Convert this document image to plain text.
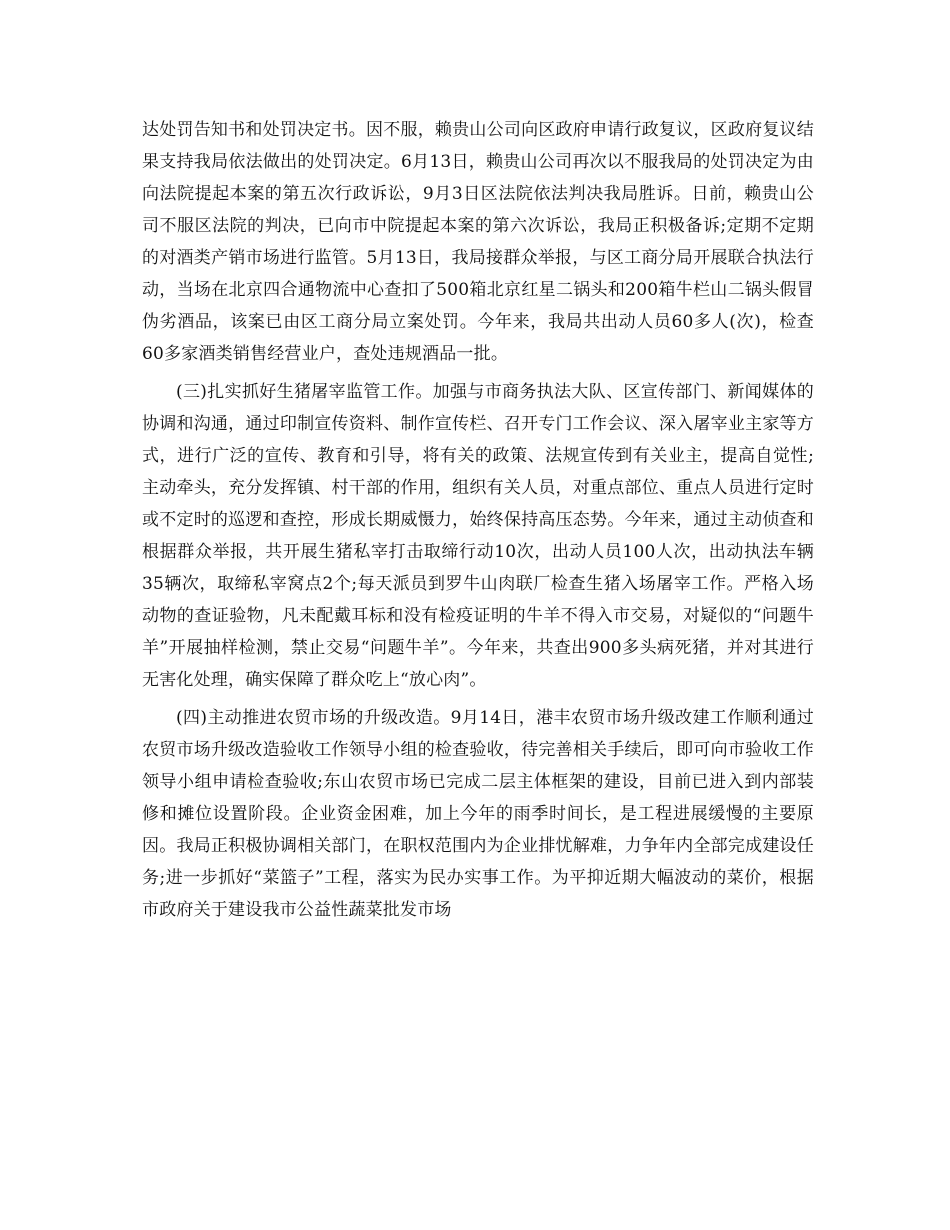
达处罚告知书和处罚决定书。因不服，赖贵山公司向区政府申请行政复议，区政府复议结果支持我局依法做出的处罚决定。6月13日，赖贵山公司再次以不服我局的处罚决定为由向法院提起本案的第五次行政诉讼，9月3日区法院依法判决我局胜诉。日前，赖贵山公司不服区法院的判决，已向市中院提起本案的第六次诉讼，我局正积极备诉;定期不定期的对酒类产销市场进行监管。5月13日，我局接群众举报，与区工商分局开展联合执法行动，当场在北京四合通物流中心查扣了500箱北京红星二锅头和200箱牛栏山二锅头假冒伪劣酒品，该案已由区工商分局立案处罚。今年来，我局共出动人员60多人(次)，检查60多家酒类销售经营业户，查处违规酒品一批。

(三)扎实抓好生猪屠宰监管工作。加强与市商务执法大队、区宣传部门、新闻媒体的协调和沟通，通过印制宣传资料、制作宣传栏、召开专门工作会议、深入屠宰业主家等方式，进行广泛的宣传、教育和引导，将有关的政策、法规宣传到有关业主，提高自觉性;主动牵头，充分发挥镇、村干部的作用，组织有关人员，对重点部位、重点人员进行定时或不定时的巡逻和查控，形成长期威慑力，始终保持高压态势。今年来，通过主动侦查和根据群众举报，共开展生猪私宰打击取缔行动10次，出动人员100人次，出动执法车辆35辆次，取缔私宰窝点2个;每天派员到罗牛山肉联厂检查生猪入场屠宰工作。严格入场动物的查证验物，凡未配戴耳标和没有检疫证明的牛羊不得入市交易，对疑似的“问题牛羊”开展抽样检测，禁止交易“问题牛羊”。今年来，共查出900多头病死猪，并对其进行无害化处理，确实保障了群众吃上“放心肉”。

(四)主动推进农贸市场的升级改造。9月14日，港丰农贸市场升级改建工作顺利通过农贸市场升级改造验收工作领导小组的检查验收，待完善相关手续后，即可向市验收工作领导小组申请检查验收;东山农贸市场已完成二层主体框架的建设，目前已进入到内部装修和摊位设置阶段。企业资金困难，加上今年的雨季时间长，是工程进展缓慢的主要原因。我局正积极协调相关部门，在职权范围内为企业排忧解难，力争年内全部完成建设任务;进一步抓好“菜篮子”工程，落实为民办实事工作。为平抑近期大幅波动的菜价，根据市政府关于建设我市公益性蔬菜批发市场
